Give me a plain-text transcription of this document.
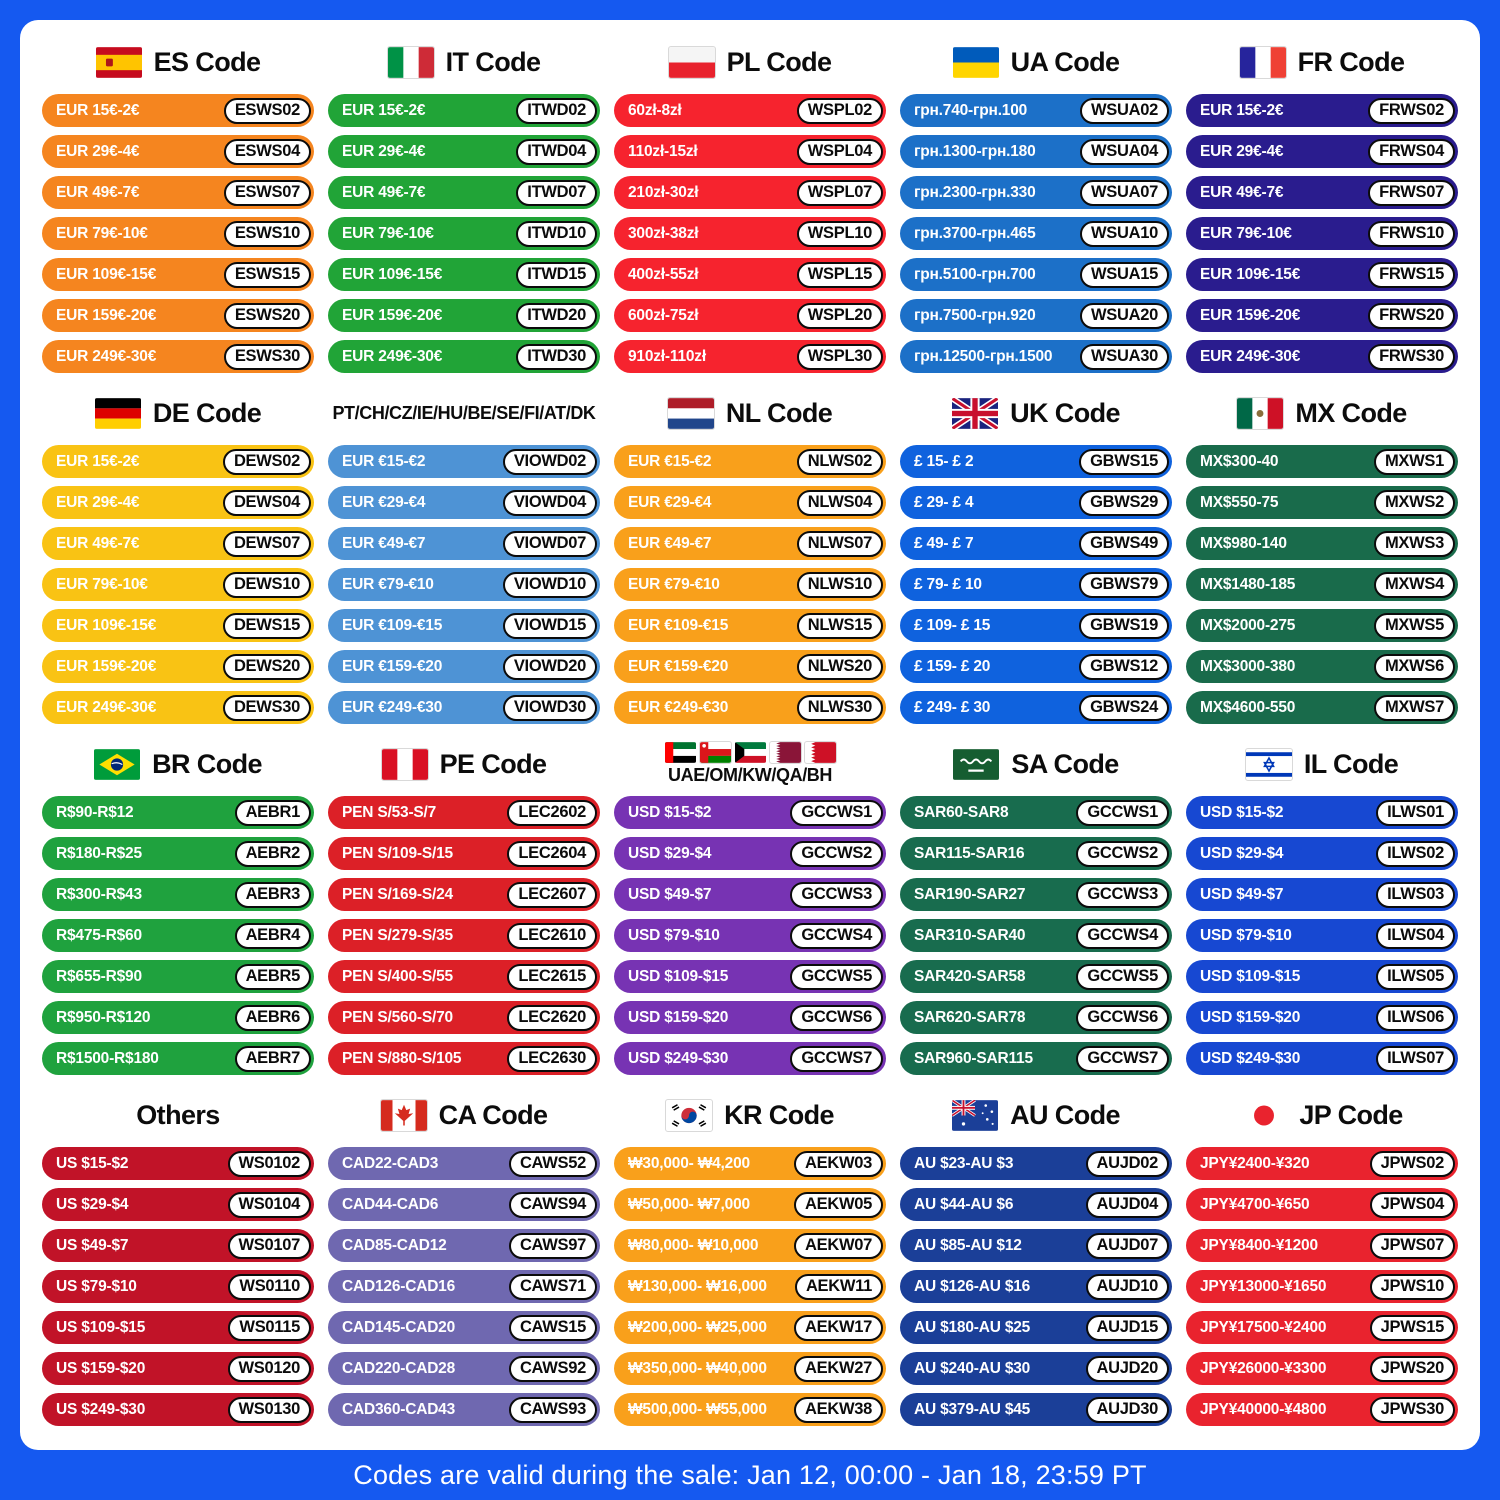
ES Code
EUR 15€-2€	ESWS02
EUR 29€-4€	ESWS04
EUR 49€-7€	ESWS07
EUR 79€-10€	ESWS10
EUR 109€-15€	ESWS15
EUR 159€-20€	ESWS20
EUR 249€-30€	ESWS30
IT Code
EUR 15€-2€	ITWD02
EUR 29€-4€	ITWD04
EUR 49€-7€	ITWD07
EUR 79€-10€	ITWD10
EUR 109€-15€	ITWD15
EUR 159€-20€	ITWD20
EUR 249€-30€	ITWD30
PL Code
60zł-8zł	WSPL02
110zł-15zł	WSPL04
210zł-30zł	WSPL07
300zł-38zł	WSPL10
400zł-55zł	WSPL15
600zł-75zł	WSPL20
910zł-110zł	WSPL30
UA Code
грн.740-грн.100	WSUA02
грн.1300-грн.180	WSUA04
грн.2300-грн.330	WSUA07
грн.3700-грн.465	WSUA10
грн.5100-грн.700	WSUA15
грн.7500-грн.920	WSUA20
грн.12500-грн.1500	WSUA30
FR Code
EUR 15€-2€	FRWS02
EUR 29€-4€	FRWS04
EUR 49€-7€	FRWS07
EUR 79€-10€	FRWS10
EUR 109€-15€	FRWS15
EUR 159€-20€	FRWS20
EUR 249€-30€	FRWS30
DE Code
EUR 15€-2€	DEWS02
EUR 29€-4€	DEWS04
EUR 49€-7€	DEWS07
EUR 79€-10€	DEWS10
EUR 109€-15€	DEWS15
EUR 159€-20€	DEWS20
EUR 249€-30€	DEWS30
PT/CH/CZ/IE/HU/BE/SE/FI/AT/DK
EUR €15-€2	VIOWD02
EUR €29-€4	VIOWD04
EUR €49-€7	VIOWD07
EUR €79-€10	VIOWD10
EUR €109-€15	VIOWD15
EUR €159-€20	VIOWD20
EUR €249-€30	VIOWD30
NL Code
EUR €15-€2	NLWS02
EUR €29-€4	NLWS04
EUR €49-€7	NLWS07
EUR €79-€10	NLWS10
EUR €109-€15	NLWS15
EUR €159-€20	NLWS20
EUR €249-€30	NLWS30
UK Code
£ 15- £ 2	GBWS15
£ 29- £ 4	GBWS29
£ 49- £ 7	GBWS49
£ 79- £ 10	GBWS79
£ 109- £ 15	GBWS19
£ 159- £ 20	GBWS12
£ 249- £ 30	GBWS24
MX Code
MX$300-40	MXWS1
MX$550-75	MXWS2
MX$980-140	MXWS3
MX$1480-185	MXWS4
MX$2000-275	MXWS5
MX$3000-380	MXWS6
MX$4600-550	MXWS7
BR Code
R$90-R$12	AEBR1
R$180-R$25	AEBR2
R$300-R$43	AEBR3
R$475-R$60	AEBR4
R$655-R$90	AEBR5
R$950-R$120	AEBR6
R$1500-R$180	AEBR7
PE Code
PEN S/53-S/7	LEC2602
PEN S/109-S/15	LEC2604
PEN S/169-S/24	LEC2607
PEN S/279-S/35	LEC2610
PEN S/400-S/55	LEC2615
PEN S/560-S/70	LEC2620
PEN S/880-S/105	LEC2630
UAE/OM/KW/QA/BH
USD $15-$2	GCCWS1
USD $29-$4	GCCWS2
USD $49-$7	GCCWS3
USD $79-$10	GCCWS4
USD $109-$15	GCCWS5
USD $159-$20	GCCWS6
USD $249-$30	GCCWS7
SA Code
SAR60-SAR8	GCCWS1
SAR115-SAR16	GCCWS2
SAR190-SAR27	GCCWS3
SAR310-SAR40	GCCWS4
SAR420-SAR58	GCCWS5
SAR620-SAR78	GCCWS6
SAR960-SAR115	GCCWS7
IL Code
USD $15-$2	ILWS01
USD $29-$4	ILWS02
USD $49-$7	ILWS03
USD $79-$10	ILWS04
USD $109-$15	ILWS05
USD $159-$20	ILWS06
USD $249-$30	ILWS07
Others
US $15-$2	WS0102
US $29-$4	WS0104
US $49-$7	WS0107
US $79-$10	WS0110
US $109-$15	WS0115
US $159-$20	WS0120
US $249-$30	WS0130
CA Code
CAD22-CAD3	CAWS52
CAD44-CAD6	CAWS94
CAD85-CAD12	CAWS97
CAD126-CAD16	CAWS71
CAD145-CAD20	CAWS15
CAD220-CAD28	CAWS92
CAD360-CAD43	CAWS93
KR Code
₩30,000- ₩4,200	AEKW03
₩50,000- ₩7,000	AEKW05
₩80,000- ₩10,000	AEKW07
₩130,000- ₩16,000	AEKW11
₩200,000- ₩25,000	AEKW17
₩350,000- ₩40,000	AEKW27
₩500,000- ₩55,000	AEKW38
AU Code
AU $23-AU $3	AUJD02
AU $44-AU $6	AUJD04
AU $85-AU $12	AUJD07
AU $126-AU $16	AUJD10
AU $180-AU $25	AUJD15
AU $240-AU $30	AUJD20
AU $379-AU $45	AUJD30
JP Code
JPY¥2400-¥320	JPWS02
JPY¥4700-¥650	JPWS04
JPY¥8400-¥1200	JPWS07
JPY¥13000-¥1650	JPWS10
JPY¥17500-¥2400	JPWS15
JPY¥26000-¥3300	JPWS20
JPY¥40000-¥4800	JPWS30
Codes are valid during the sale: Jan 12, 00:00 - Jan 18, 23:59 PT
